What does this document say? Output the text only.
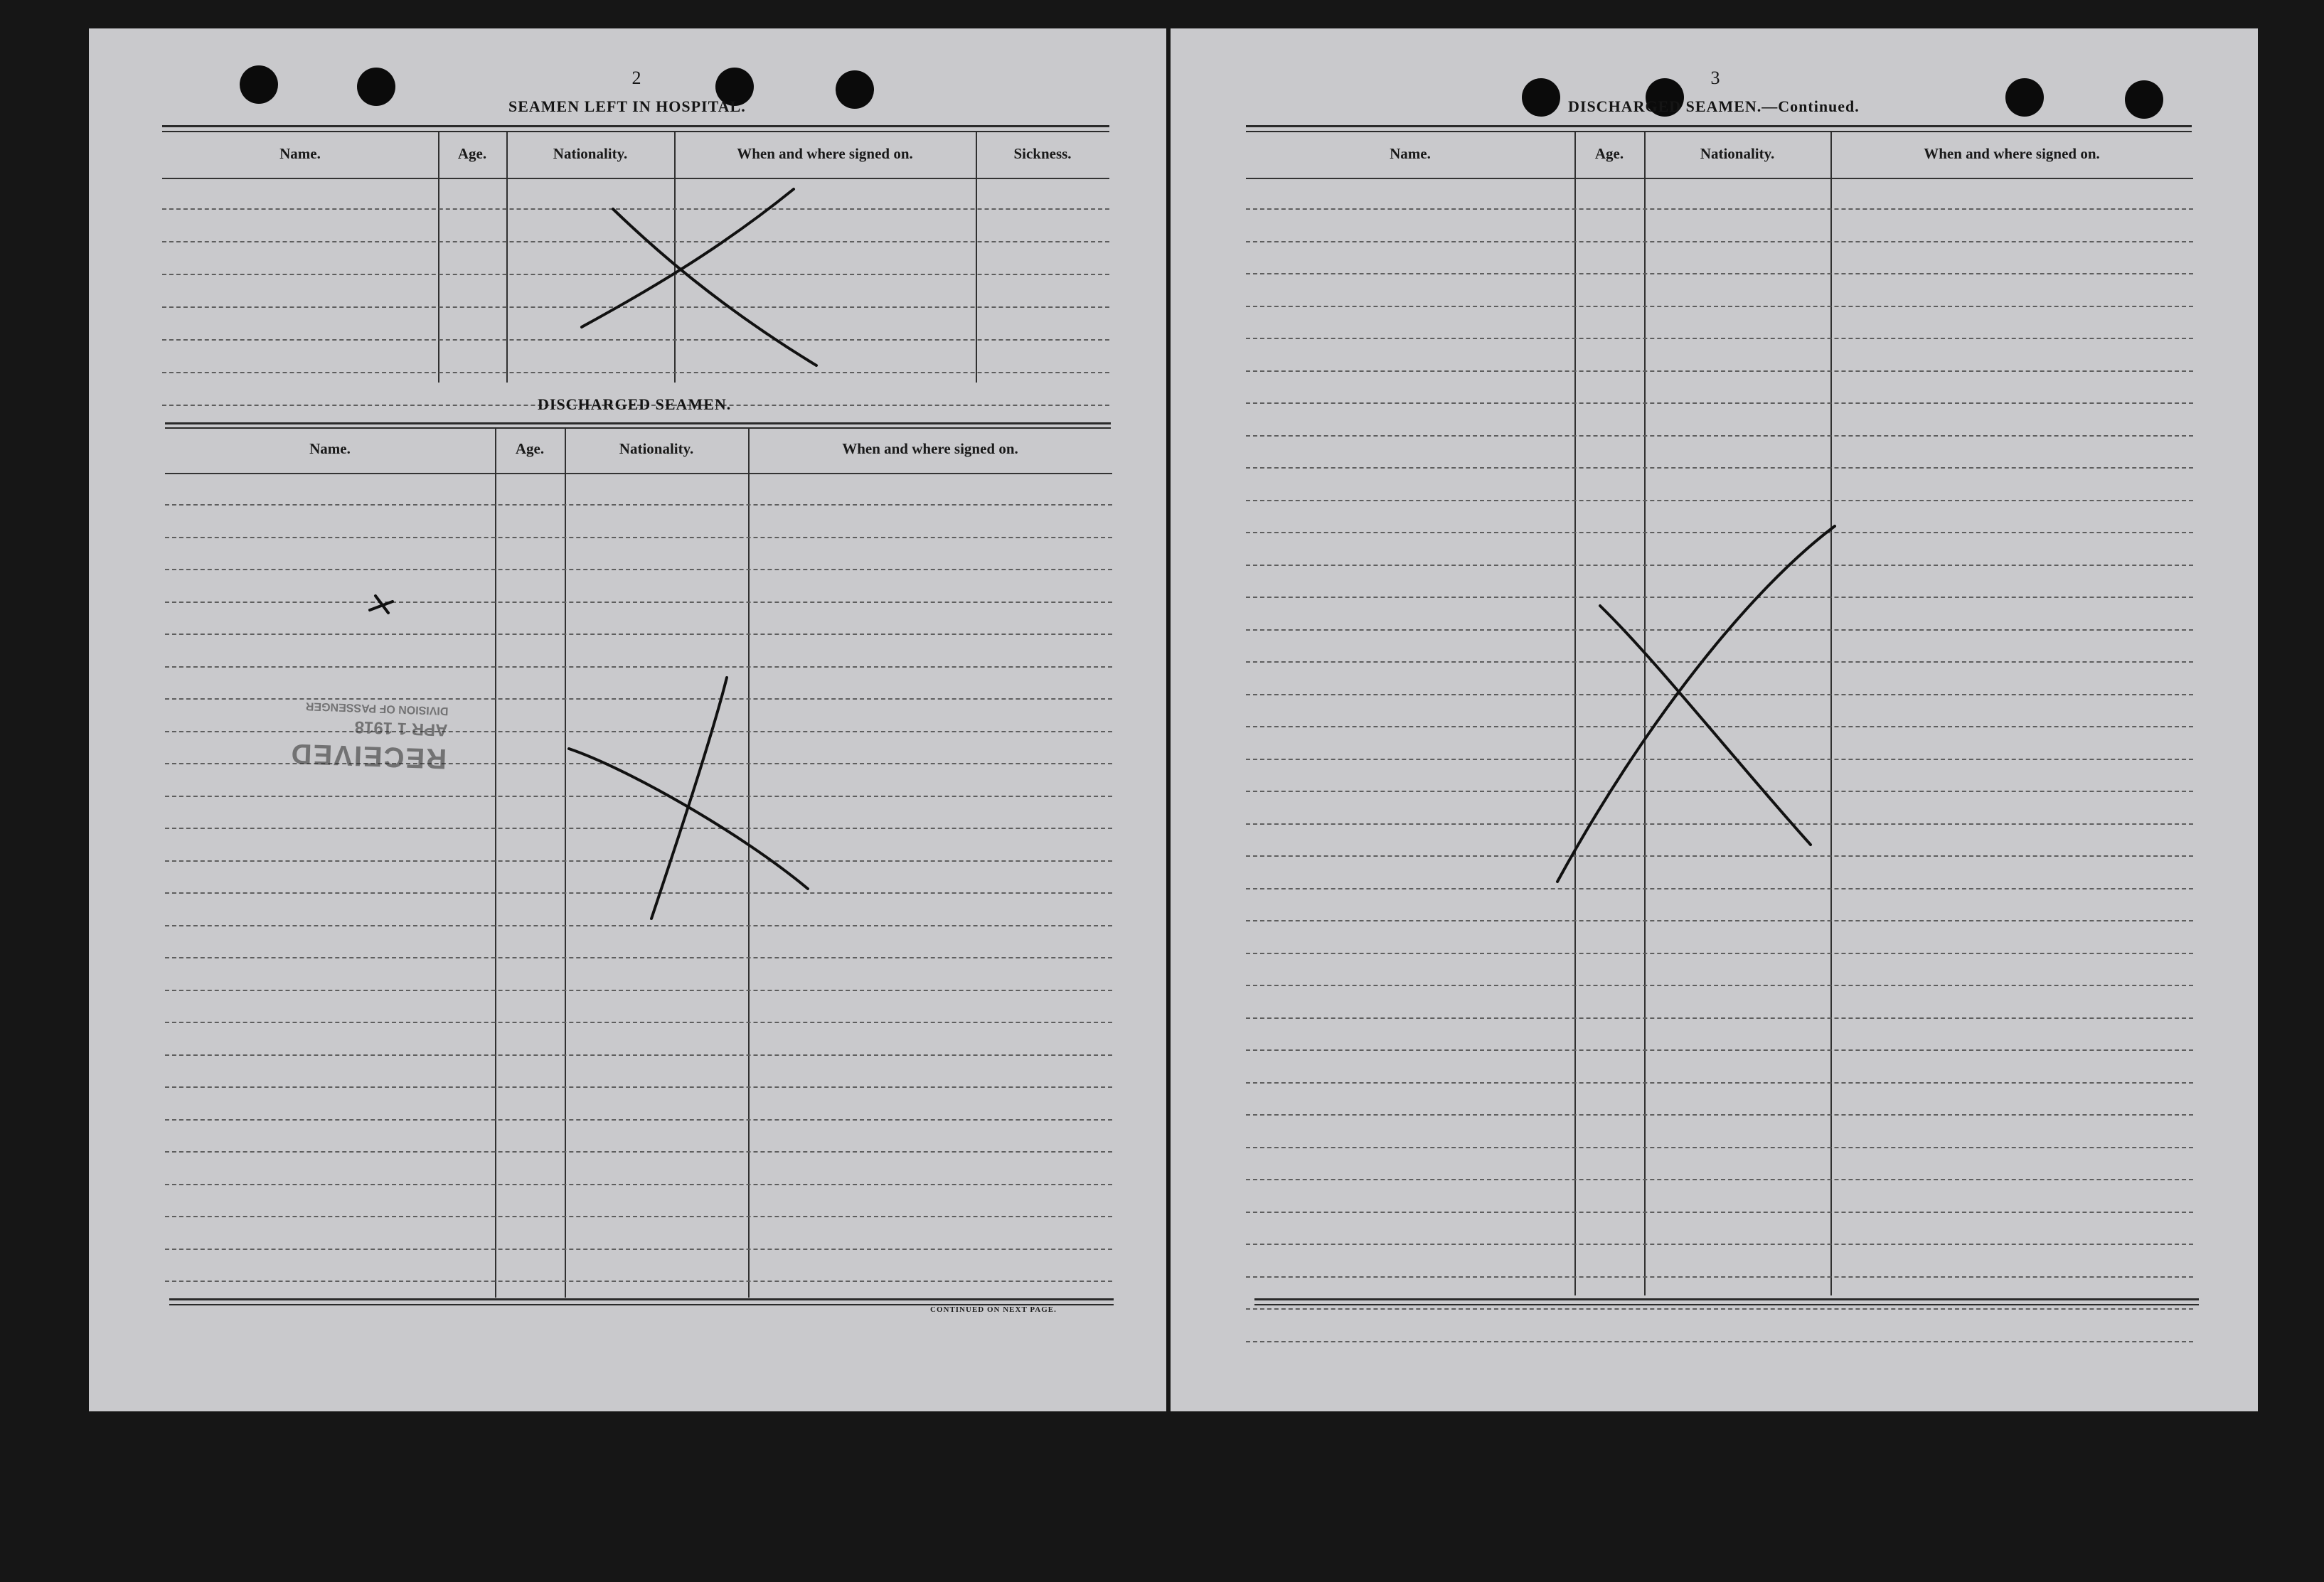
2
SEAMEN LEFT IN HOSPITAL.
Name.	Age.	Nationality.	When and where signed on.	Sickness.
DISCHARGED SEAMEN.
Name.	Age.	Nationality.	When and where signed on.
CONTINUED ON NEXT PAGE.
RECEIVED
APR 1 1918
DIVISION OF PASSENGER
3
DISCHARGED SEAMEN.—Continued.
Name.	Age.	Nationality.	When and where signed on.
